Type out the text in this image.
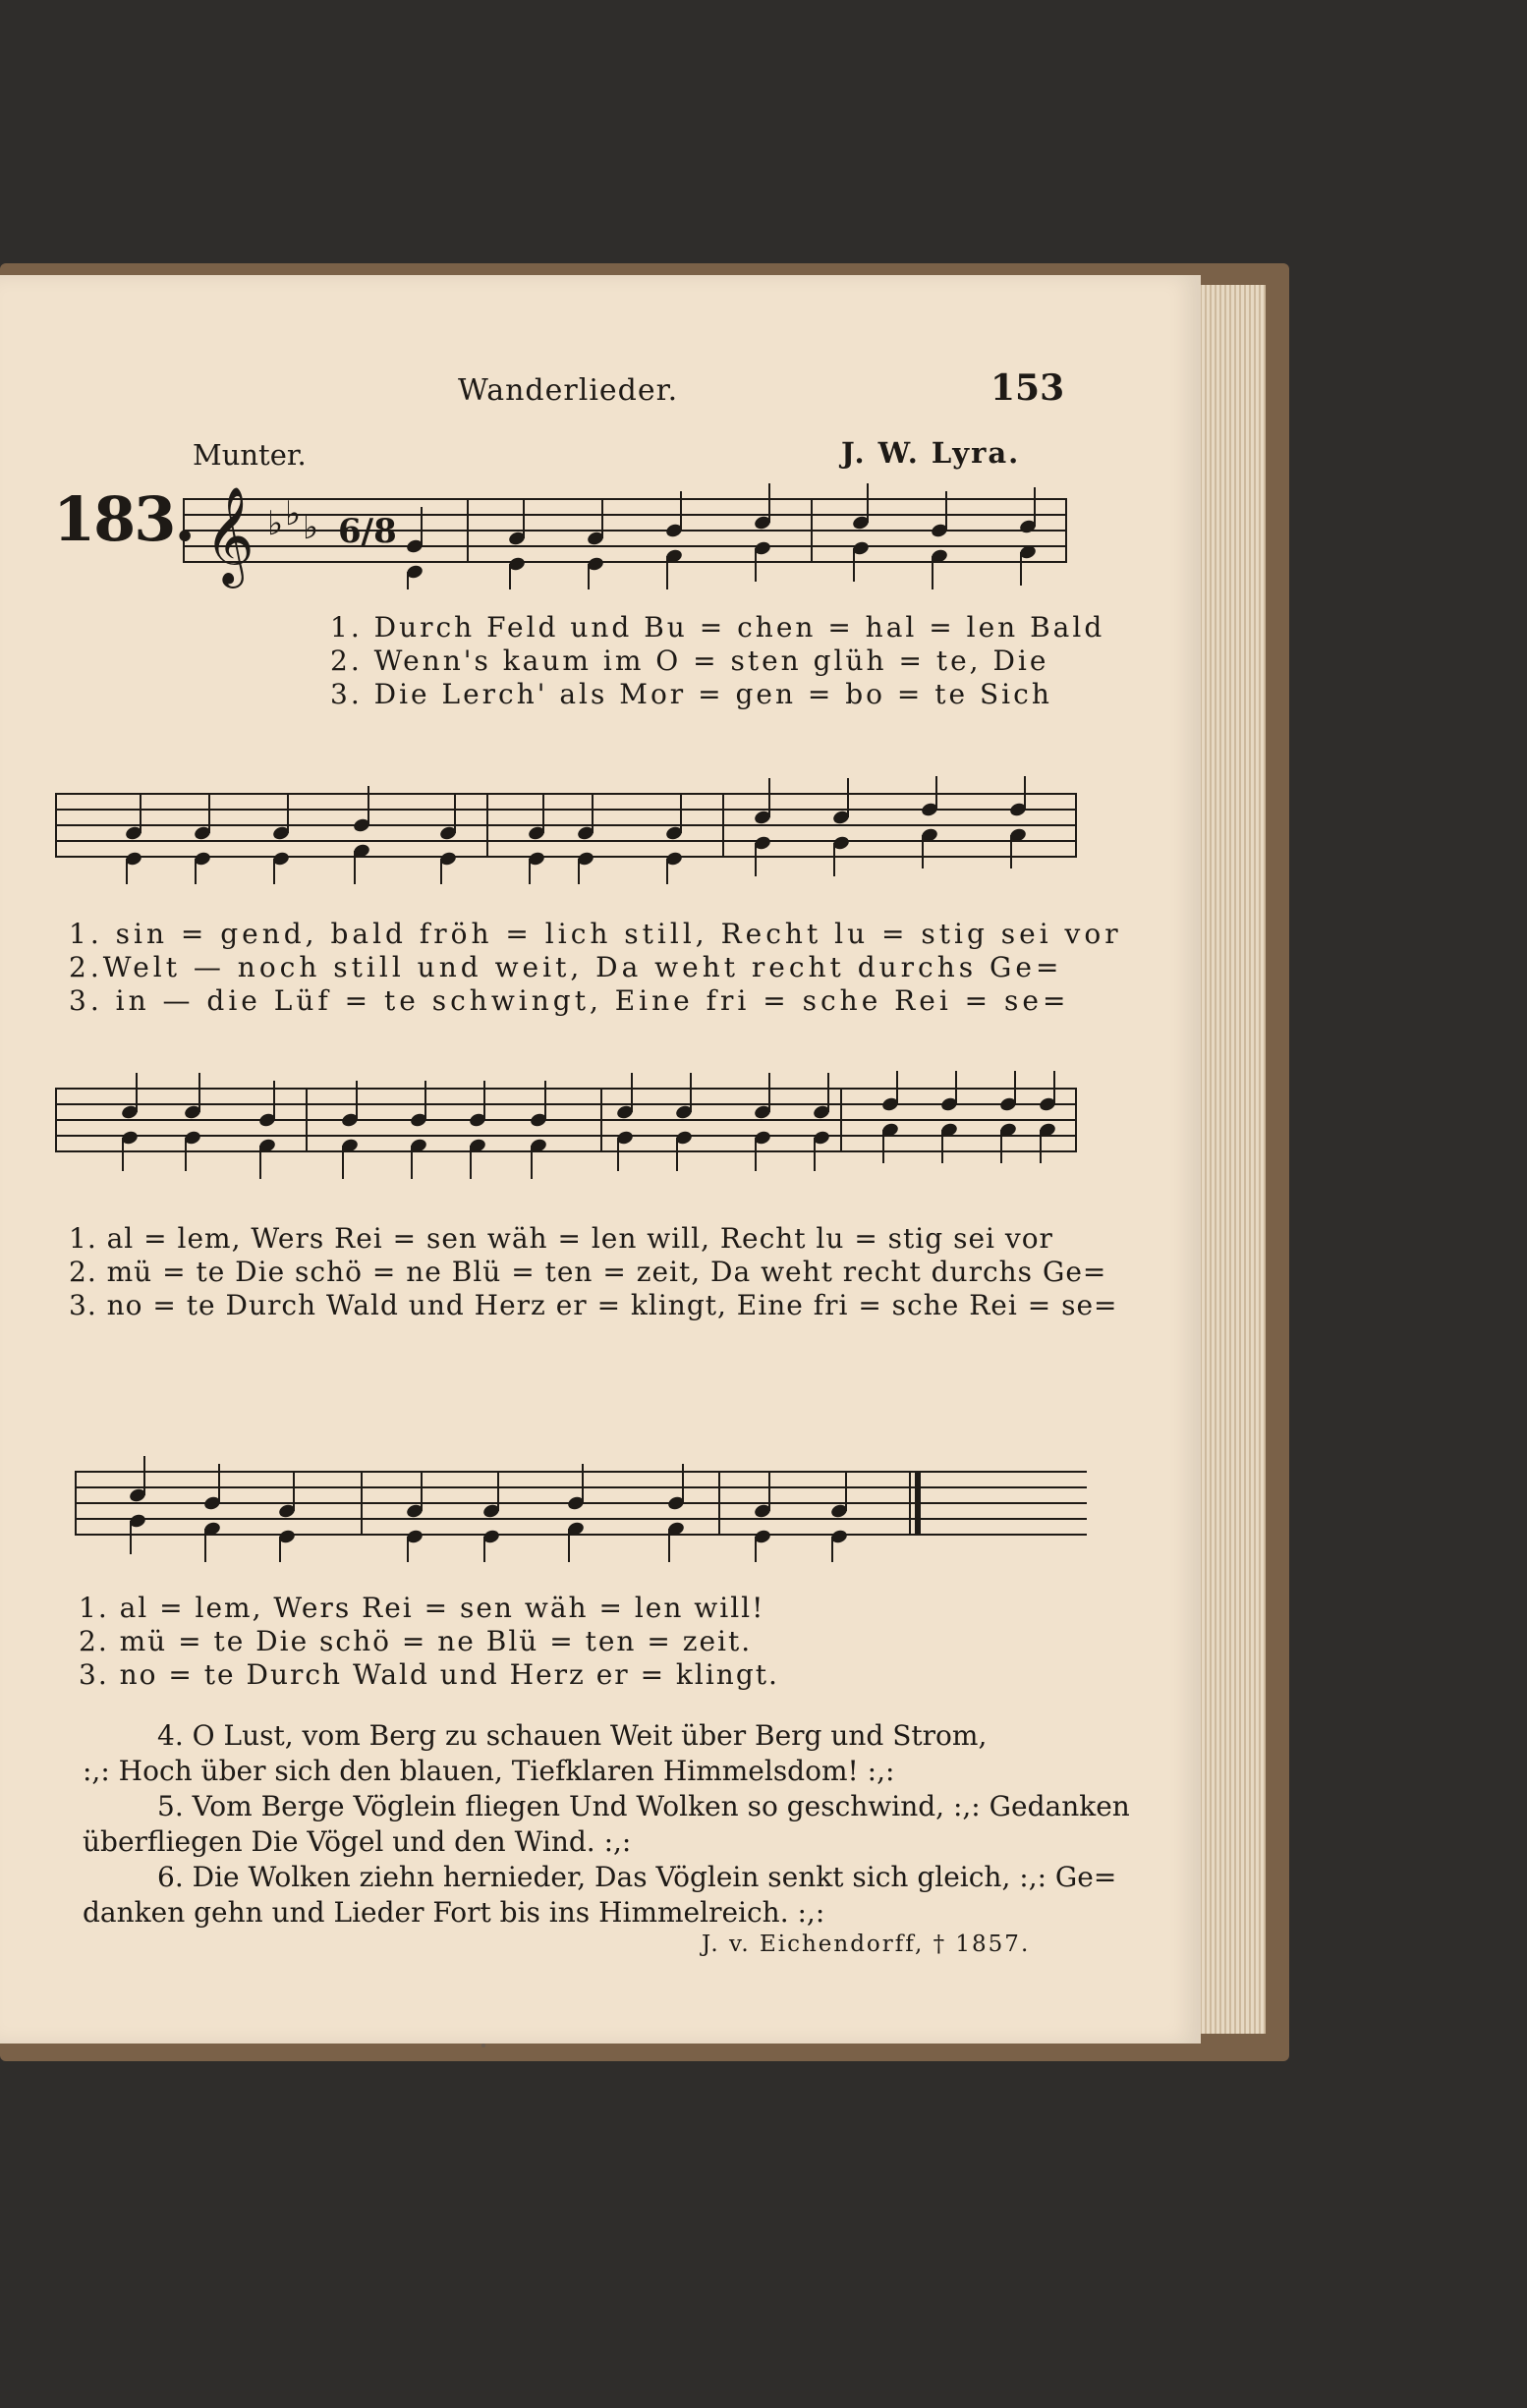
Wanderlieder.	153
Munter.	J. W. Lyra.
183. 𝄞 ♭ ♭ ♭ 6/8
1. Durch Feld und Bu = chen = hal = len Bald
2. Wenn's kaum im O = sten glüh = te, Die
3. Die Lerch' als Mor = gen = bo = te Sich
1. sin = gend, bald fröh = lich still, Recht lu = stig sei vor
2.Welt — noch still und weit, Da weht recht durchs Ge=
3. in — die Lüf = te schwingt, Eine fri = sche Rei = se=
1. al = lem, Wers Rei = sen wäh = len will, Recht lu = stig sei vor
2. mü = te Die schö = ne Blü = ten = zeit, Da weht recht durchs Ge=
3. no = te Durch Wald und Herz er = klingt, Eine fri = sche Rei = se=
1. al = lem, Wers Rei = sen wäh = len will!
2. mü = te Die schö = ne Blü = ten = zeit.
3. no = te Durch Wald und Herz er = klingt.
4. O Lust, vom Berg zu schauen Weit über Berg und Strom,
:,: Hoch über sich den blauen, Tiefklaren Himmelsdom! :,:
5. Vom Berge Vöglein fliegen Und Wolken so geschwind, :,: Gedanken
überfliegen Die Vögel und den Wind. :,:
6. Die Wolken ziehn hernieder, Das Vöglein senkt sich gleich, :,: Ge=
danken gehn und Lieder Fort bis ins Himmelreich. :,:
J. v. Eichendorff, † 1857.
